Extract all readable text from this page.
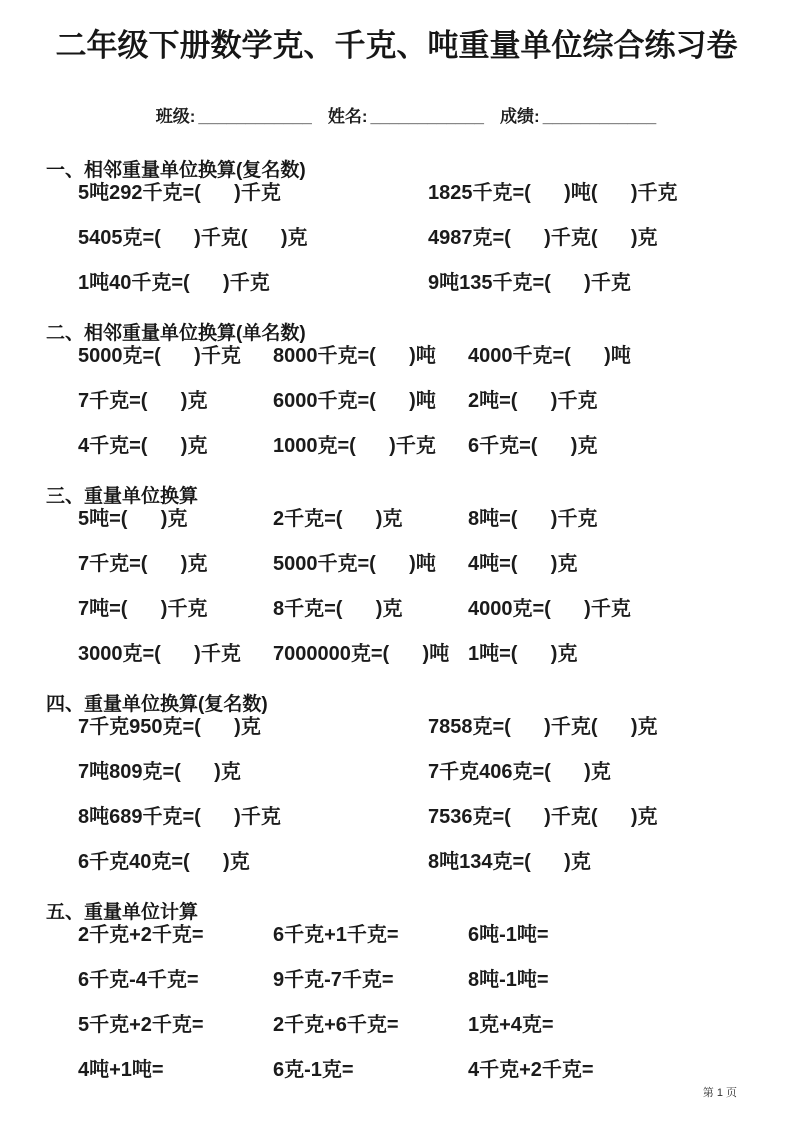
二年级下册数学克、千克、吨重量单位综合练习卷

班级: ____________ 姓名: ____________ 成绩: ____________

一、相邻重量单位换算(复名数)
5吨292千克=(      )千克	1825千克=(      )吨(      )千克
5405克=(      )千克(      )克	4987克=(      )千克(      )克
1吨40千克=(      )千克	9吨135千克=(      )千克
二、相邻重量单位换算(单名数)
5000克=(      )千克	8000千克=(      )吨	4000千克=(      )吨
7千克=(      )克	6000千克=(      )吨	2吨=(      )千克
4千克=(      )克	1000克=(      )千克	6千克=(      )克
三、重量单位换算
5吨=(      )克	2千克=(      )克	8吨=(      )千克
7千克=(      )克	5000千克=(      )吨	4吨=(      )克
7吨=(      )千克	8千克=(      )克	4000克=(      )千克
3000克=(      )千克	7000000克=(      )吨 1吨=(      )克
四、重量单位换算(复名数)
7千克950克=(      )克	7858克=(      )千克(      )克
7吨809克=(      )克	7千克406克=(      )克
8吨689千克=(      )千克	7536克=(      )千克(      )克
6千克40克=(      )克	8吨134克=(      )克
五、重量单位计算
2千克+2千克=	6千克+1千克=	6吨-1吨=
6千克-4千克=	9千克-7千克=	8吨-1吨=
5千克+2千克=	2千克+6千克=	1克+4克=
4吨+1吨=	6克-1克=	4千克+2千克=
第 1 页
